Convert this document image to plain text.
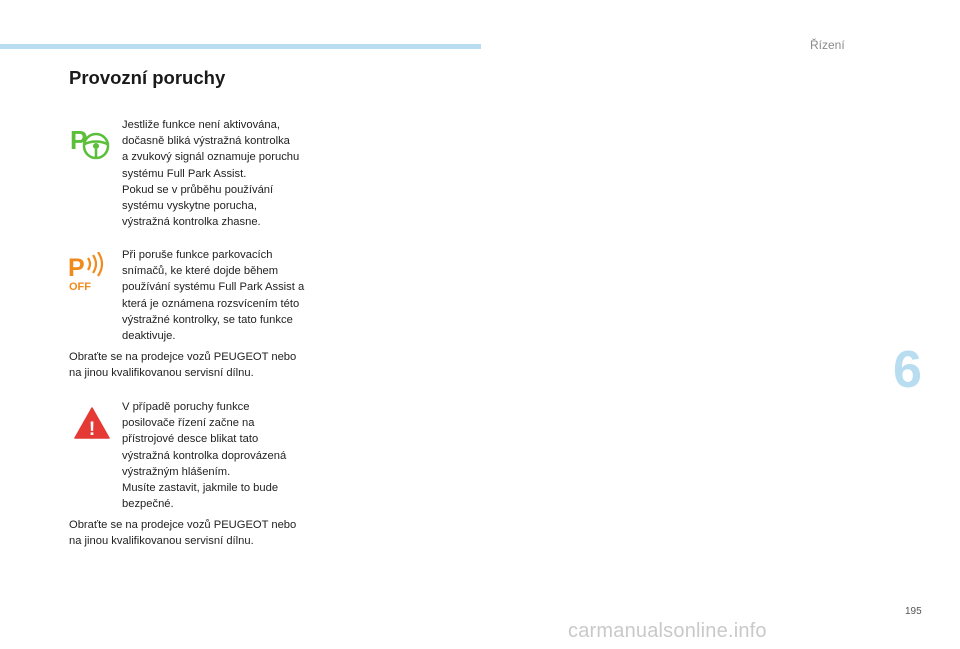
Řízení
Provozní poruchy
P	Jestliže funkce není aktivována,
dočasně bliká výstražná kontrolka
a zvukový signál oznamuje poruchu
systému Full Park Assist.
Pokud se v průběhu používání
systému vyskytne porucha,
výstražná kontrolka zhasne.

P
OFF

Při poruše funkce parkovacích
snímačů, ke které dojde během
používání systému Full Park Assist a
která je oznámena rozsvícením této
výstražné kontrolky, se tato funkce
deaktivuje.

Obraťte se na prodejce vozů PEUGEOT nebo
na jinou kvalifikovanou servisní dílnu.

!

V případě poruchy funkce
posilovače řízení začne na
přístrojové desce blikat tato
výstražná kontrolka doprovázená
výstražným hlášením.
Musíte zastavit, jakmile to bude
bezpečné.

Obraťte se na prodejce vozů PEUGEOT nebo
na jinou kvalifikovanou servisní dílnu.

6
195
carmanualsonline.info
